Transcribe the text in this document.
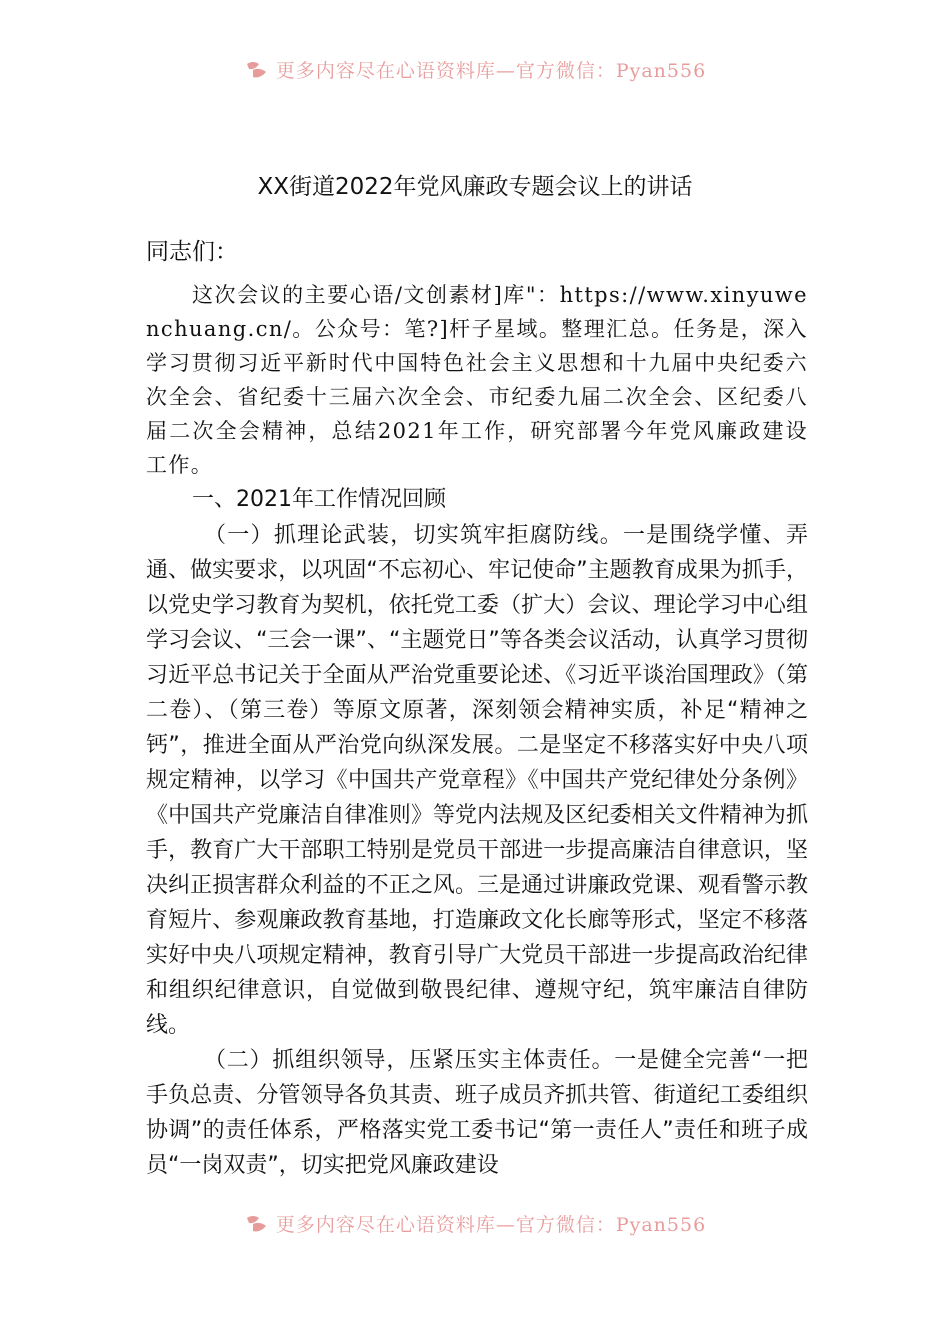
更多内容尽在心语资料库—官方微信：Pyan556
XX街道2022年党风廉政专题会议上的讲话

同志们：

这次会议的主要心语/文创素材]库"：https://www.xinyuwenchuang.cn/。公众号：笔?]杆子星域。整理汇总。任务是，深入学习贯彻习近平新时代中国特色社会主义思想和十九届中央纪委六次全会、省纪委十三届六次全会、市纪委九届二次全会、区纪委八届二次全会精神，总结2021年工作，研究部署今年党风廉政建设工作。

一、2021年工作情况回顾

（一）抓理论武装，切实筑牢拒腐防线。一是围绕学懂、弄通、做实要求，以巩固“不忘初心、牢记使命”主题教育成果为抓手，以党史学习教育为契机，依托党工委（扩大）会议、理论学习中心组学习会议、“三会一课”、“主题党日”等各类会议活动，认真学习贯彻习近平总书记关于全面从严治党重要论述、《习近平谈治国理政》（第二卷）、（第三卷）等原文原著，深刻领会精神实质，补足“精神之钙”，推进全面从严治党向纵深发展。二是坚定不移落实好中央八项规定精神，以学习《中国共产党章程》《中国共产党纪律处分条例》《中国共产党廉洁自律准则》等党内法规及区纪委相关文件精神为抓手，教育广大干部职工特别是党员干部进一步提高廉洁自律意识，坚决纠正损害群众利益的不正之风。三是通过讲廉政党课、观看警示教育短片、参观廉政教育基地，打造廉政文化长廊等形式，坚定不移落实好中央八项规定精神，教育引导广大党员干部进一步提高政治纪律和组织纪律意识，自觉做到敬畏纪律、遵规守纪，筑牢廉洁自律防线。

（二）抓组织领导，压紧压实主体责任。一是健全完善“一把手负总责、分管领导各负其责、班子成员齐抓共管、街道纪工委组织协调”的责任体系，严格落实党工委书记“第一责任人”责任和班子成员“一岗双责”，切实把党风廉政建设

更多内容尽在心语资料库—官方微信：Pyan556
